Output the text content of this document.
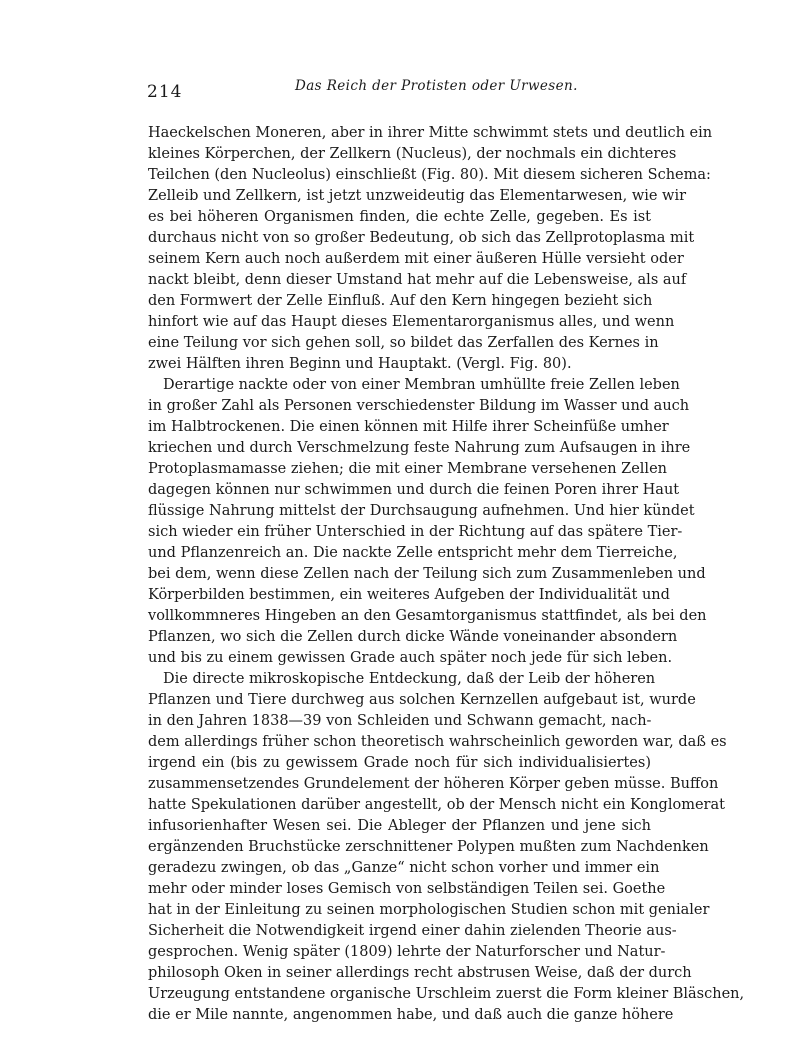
214	Das Reich der Protisten oder Urwesen.
Haeckelschen Moneren, aber in ihrer Mitte schwimmt stets und deutlich ein
kleines Körperchen, der Zellkern (Nucleus), der nochmals ein dichteres
Teilchen (den Nucleolus) einschließt (Fig. 80). Mit diesem sicheren Schema:
Zelleib und Zellkern, ist jetzt unzweideutig das Elementarwesen, wie wir
es bei höheren Organismen finden, die echte Zelle, gegeben. Es ist
durchaus nicht von so großer Bedeutung, ob sich das Zellprotoplasma mit
seinem Kern auch noch außerdem mit einer äußeren Hülle versieht oder
nackt bleibt, denn dieser Umstand hat mehr auf die Lebensweise, als auf
den Formwert der Zelle Einfluß. Auf den Kern hingegen bezieht sich
hinfort wie auf das Haupt dieses Elementarorganismus alles, und wenn
eine Teilung vor sich gehen soll, so bildet das Zerfallen des Kernes in
zwei Hälften ihren Beginn und Hauptakt. (Vergl. Fig. 80).
Derartige nackte oder von einer Membran umhüllte freie Zellen leben
in großer Zahl als Personen verschiedenster Bildung im Wasser und auch
im Halbtrockenen. Die einen können mit Hilfe ihrer Scheinfüße umher
kriechen und durch Verschmelzung feste Nahrung zum Aufsaugen in ihre
Protoplasmamasse ziehen; die mit einer Membrane versehenen Zellen
dagegen können nur schwimmen und durch die feinen Poren ihrer Haut
flüssige Nahrung mittelst der Durchsaugung aufnehmen. Und hier kündet
sich wieder ein früher Unterschied in der Richtung auf das spätere Tier-
und Pflanzenreich an. Die nackte Zelle entspricht mehr dem Tierreiche,
bei dem, wenn diese Zellen nach der Teilung sich zum Zusammenleben und
Körperbilden bestimmen, ein weiteres Aufgeben der Individualität und
vollkommneres Hingeben an den Gesamtorganismus stattfindet, als bei den
Pflanzen, wo sich die Zellen durch dicke Wände voneinander absondern
und bis zu einem gewissen Grade auch später noch jede für sich leben.
Die directe mikroskopische Entdeckung, daß der Leib der höheren
Pflanzen und Tiere durchweg aus solchen Kernzellen aufgebaut ist, wurde
in den Jahren 1838—39 von Schleiden und Schwann gemacht, nach-
dem allerdings früher schon theoretisch wahrscheinlich geworden war, daß es
irgend ein (bis zu gewissem Grade noch für sich individualisiertes)
zusammensetzendes Grundelement der höheren Körper geben müsse. Buffon
hatte Spekulationen darüber angestellt, ob der Mensch nicht ein Konglomerat
infusorienhafter Wesen sei. Die Ableger der Pflanzen und jene sich
ergänzenden Bruchstücke zerschnittener Polypen mußten zum Nachdenken
geradezu zwingen, ob das „Ganze“ nicht schon vorher und immer ein
mehr oder minder loses Gemisch von selbständigen Teilen sei. Goethe
hat in der Einleitung zu seinen morphologischen Studien schon mit genialer
Sicherheit die Notwendigkeit irgend einer dahin zielenden Theorie aus-
gesprochen. Wenig später (1809) lehrte der Naturforscher und Natur-
philosoph Oken in seiner allerdings recht abstrusen Weise, daß der durch
Urzeugung entstandene organische Urschleim zuerst die Form kleiner Bläschen,
die er Mile nannte, angenommen habe, und daß auch die ganze höhere
